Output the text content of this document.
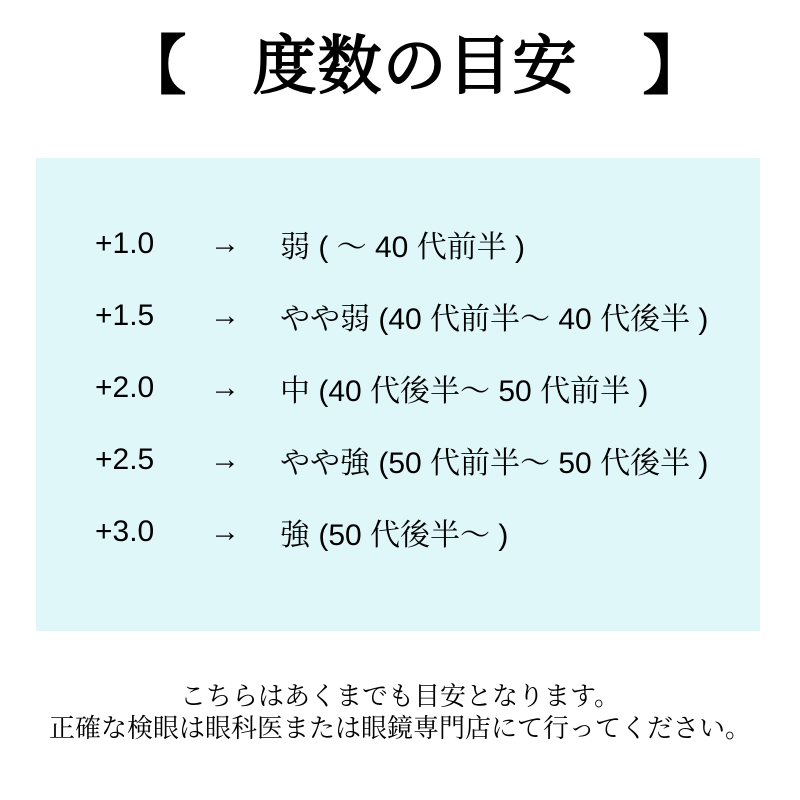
【　度数の目安　】
+1.0	→	弱 ( ～ 40 代前半 )
+1.5	→	やや弱 (40 代前半～ 40 代後半 )
+2.0	→	中 (40 代後半～ 50 代前半 )
+2.5	→	やや強 (50 代前半～ 50 代後半 )
+3.0	→	強 (50 代後半～ )
こちらはあくまでも目安となります。
正確な検眼は眼科医または眼鏡専門店にて行ってください。
